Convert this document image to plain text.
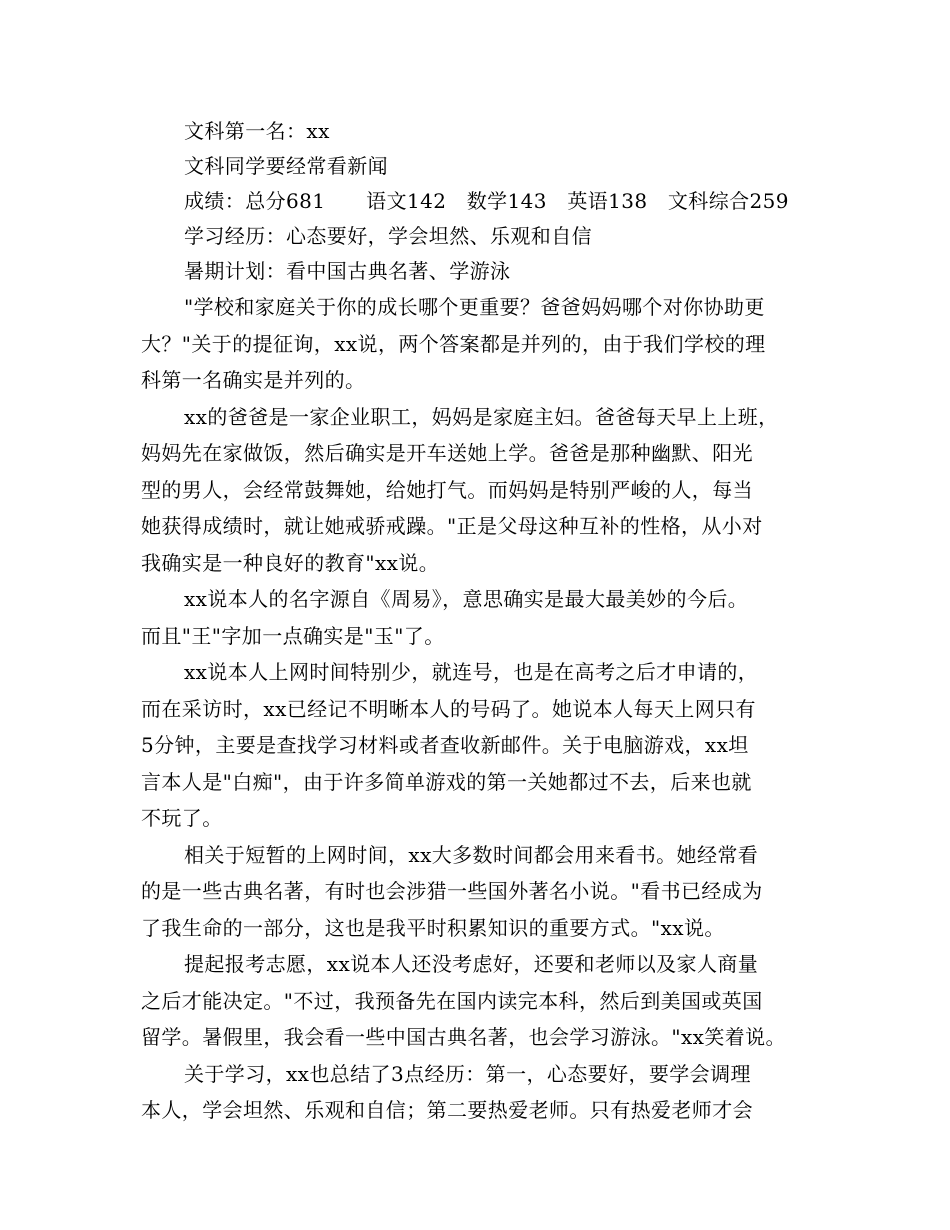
文科第一名：xx
文科同学要经常看新闻
成绩：总分681　　语文142　数学143　英语138　文科综合259
学习经历：心态要好，学会坦然、乐观和自信
暑期计划：看中国古典名著、学游泳
"学校和家庭关于你的成长哪个更重要？爸爸妈妈哪个对你协助更
大？"关于的提征询，xx说，两个答案都是并列的，由于我们学校的理
科第一名确实是并列的。
xx的爸爸是一家企业职工，妈妈是家庭主妇。爸爸每天早上上班，
妈妈先在家做饭，然后确实是开车送她上学。爸爸是那种幽默、阳光
型的男人，会经常鼓舞她，给她打气。而妈妈是特别严峻的人，每当
她获得成绩时，就让她戒骄戒躁。"正是父母这种互补的性格，从小对
我确实是一种良好的教育"xx说。
xx说本人的名字源自《周易》，意思确实是最大最美妙的今后。
而且"王"字加一点确实是"玉"了。
xx说本人上网时间特别少，就连号，也是在高考之后才申请的，
而在采访时，xx已经记不明晰本人的号码了。她说本人每天上网只有
5分钟，主要是查找学习材料或者查收新邮件。关于电脑游戏，xx坦
言本人是"白痴"，由于许多简单游戏的第一关她都过不去，后来也就
不玩了。
相关于短暂的上网时间，xx大多数时间都会用来看书。她经常看
的是一些古典名著，有时也会涉猎一些国外著名小说。"看书已经成为
了我生命的一部分，这也是我平时积累知识的重要方式。"xx说。
提起报考志愿，xx说本人还没考虑好，还要和老师以及家人商量
之后才能决定。"不过，我预备先在国内读完本科，然后到美国或英国
留学。暑假里，我会看一些中国古典名著，也会学习游泳。"xx笑着说。
关于学习，xx也总结了3点经历：第一，心态要好，要学会调理
本人，学会坦然、乐观和自信；第二要热爱老师。只有热爱老师才会
